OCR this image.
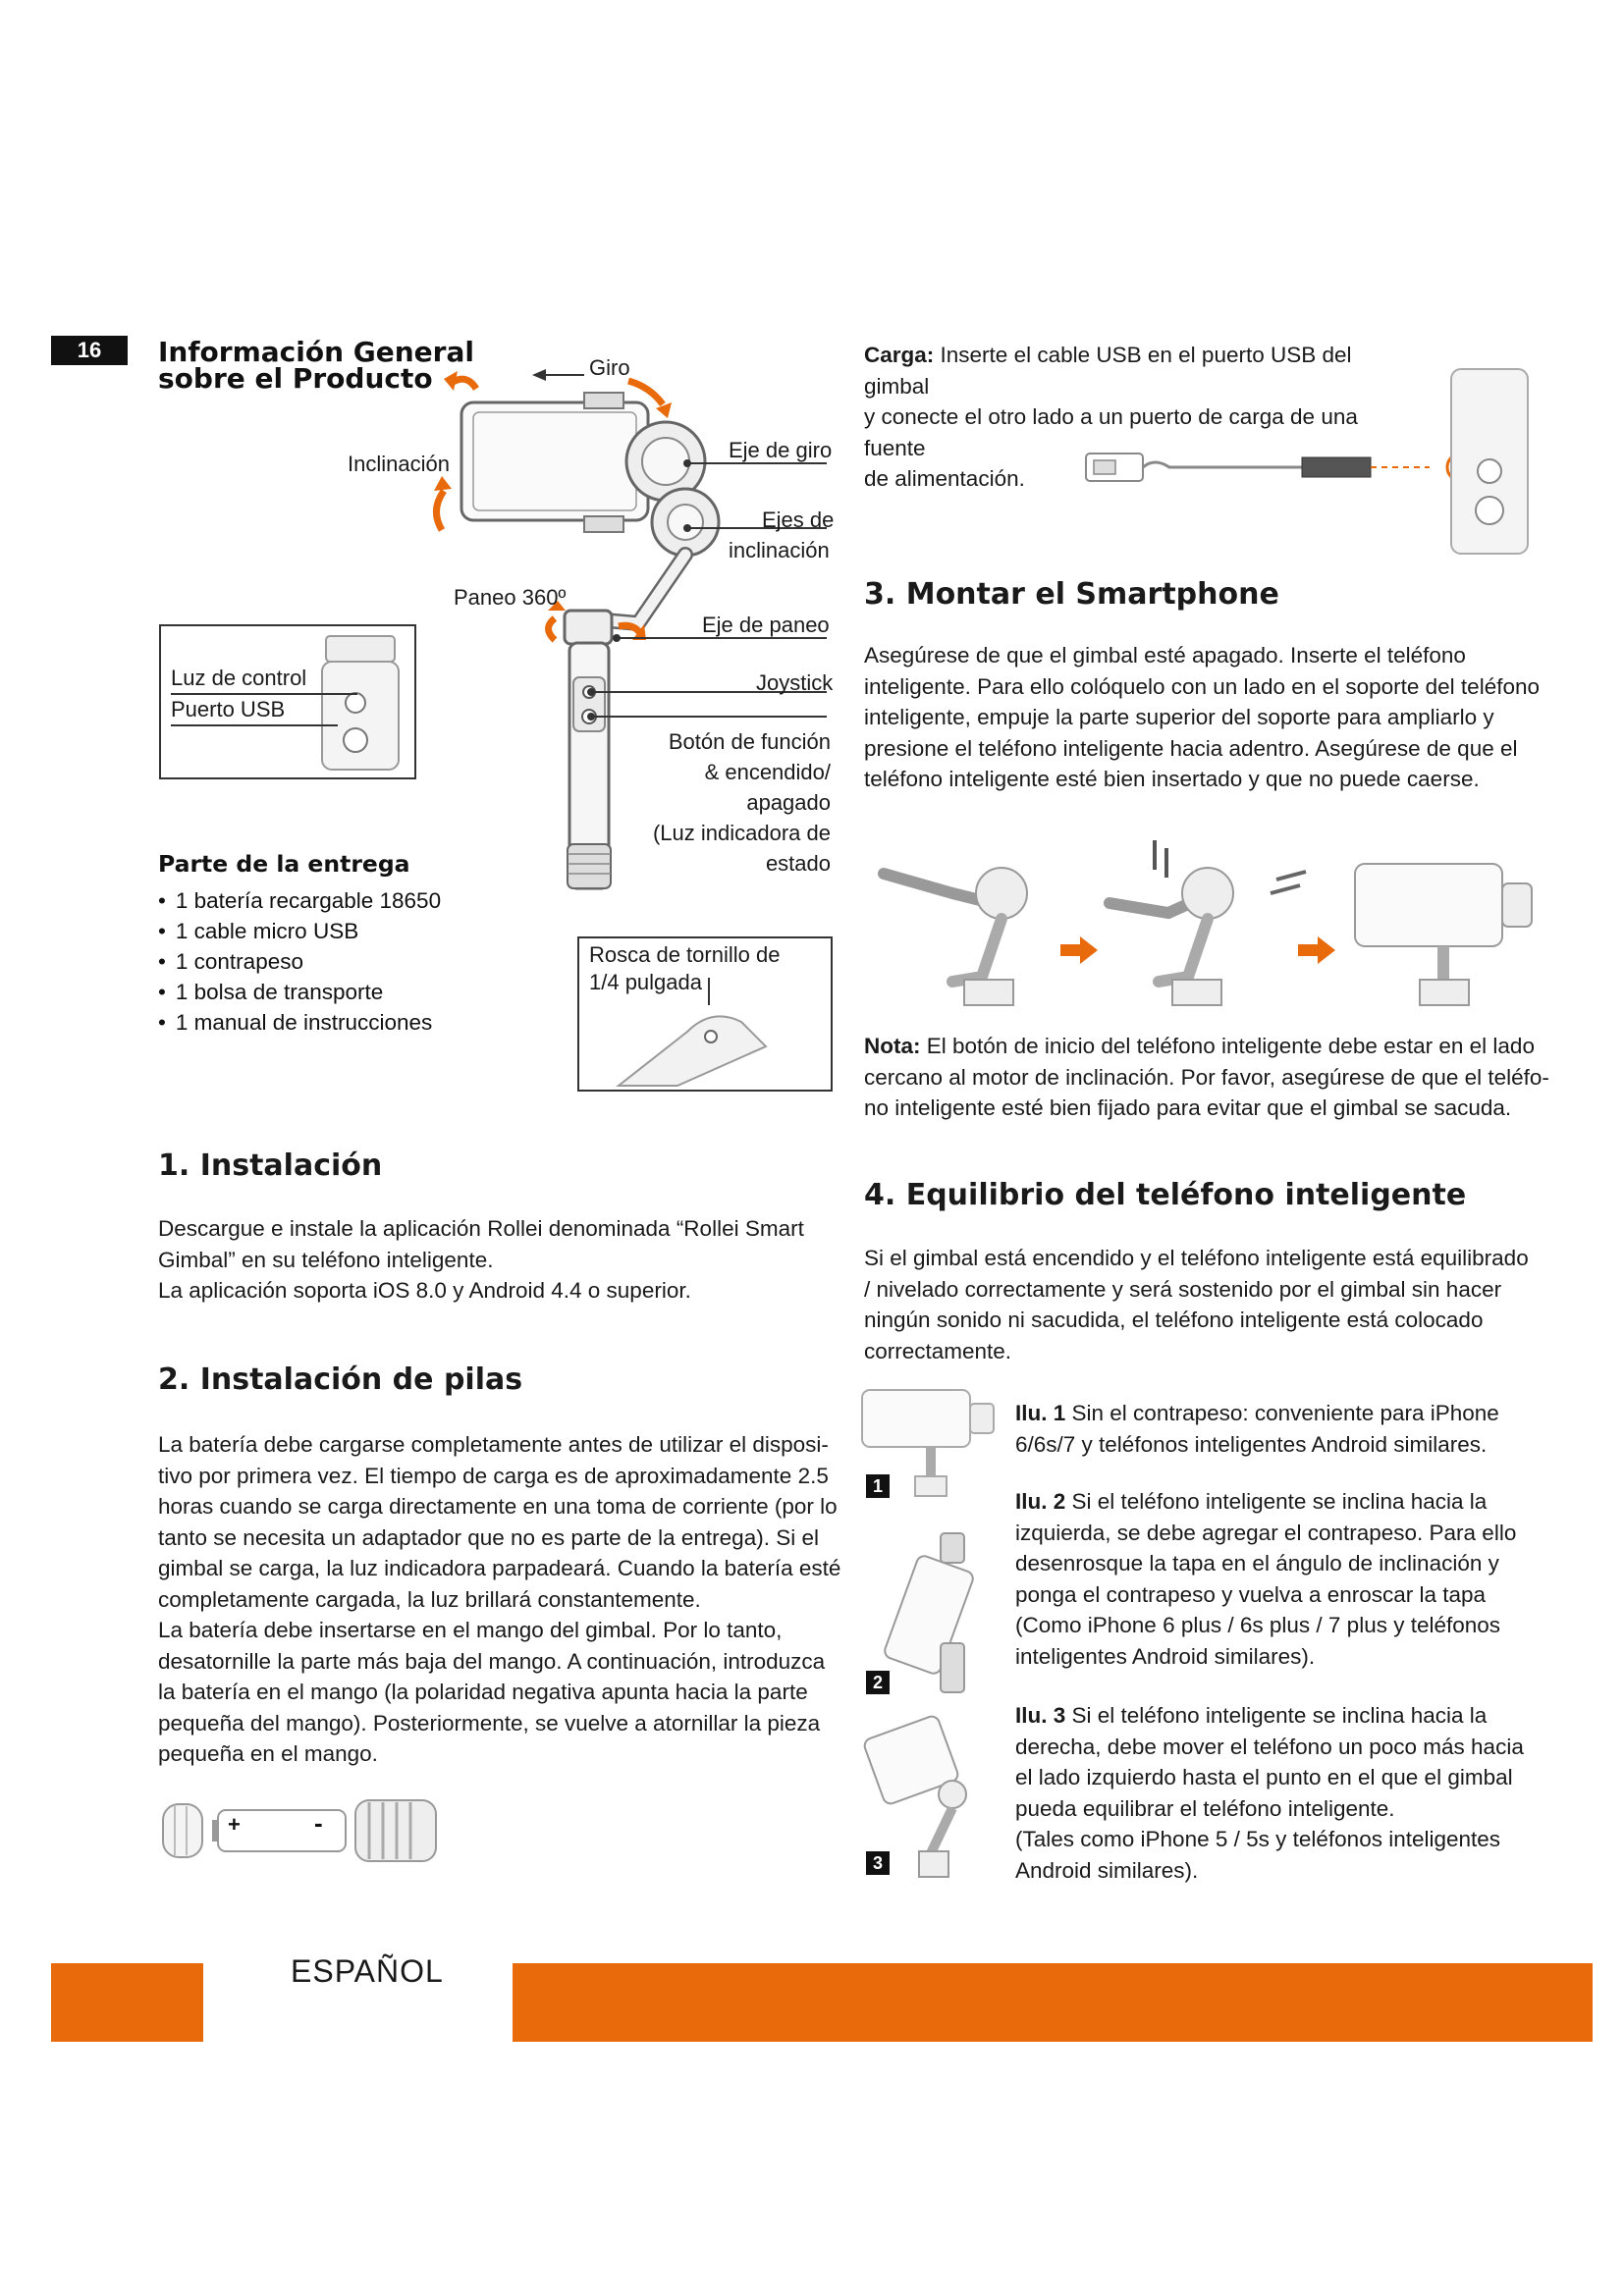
16	Información General
sobre el Producto	Giro
Inclinación
Eje de giro
Ejes de
inclinación
Paneo 360º
Eje de paneo
Joystick
Botón de función
& encendido/
apagado
(Luz indicadora de
estado
Luz de control
Puerto USB
Parte de la entrega
• 1 batería recargable 18650
• 1 cable micro USB
• 1 contrapeso
• 1 bolsa de transporte
• 1 manual de instrucciones
Rosca de tornillo de
1/4 pulgada
1. Instalación

Descargue e instale la aplicación Rollei denominada “Rollei Smart

Gimbal” en su teléfono inteligente.

La aplicación soporta iOS 8.0 y Android 4.4 o superior.

2. Instalación de pilas

La batería debe cargarse completamente antes de utilizar el disposi-

tivo por primera vez. El tiempo de carga es de aproximadamente 2.5

horas cuando se carga directamente en una toma de corriente (por lo

tanto se necesita un adaptador que no es parte de la entrega). Si el

gimbal se carga, la luz indicadora parpadeará. Cuando la batería esté

completamente cargada, la luz brillará constantemente.

La batería debe insertarse en el mango del gimbal. Por lo tanto,

desatornille la parte más baja del mango. A continuación, introduzca

la batería en el mango (la polaridad negativa apunta hacia la parte

pequeña del mango). Posteriormente, se vuelve a atornillar la pieza

pequeña en el mango.

+	-

Carga: Inserte el cable USB en el puerto USB del gimbal

y conecte el otro lado a un puerto de carga de una fuente

de alimentación.

3. Montar el Smartphone

Asegúrese de que el gimbal esté apagado. Inserte el teléfono

inteligente. Para ello colóquelo con un lado en el soporte del teléfono

inteligente, empuje la parte superior del soporte para ampliarlo y

presione el teléfono inteligente hacia adentro. Asegúrese de que el

teléfono inteligente esté bien insertado y que no puede caerse.

Nota: El botón de inicio del teléfono inteligente debe estar en el lado

cercano al motor de inclinación. Por favor, asegúrese de que el teléfo-

no inteligente esté bien fijado para evitar que el gimbal se sacuda.

4. Equilibrio del teléfono inteligente

Si el gimbal está encendido y el teléfono inteligente está equilibrado

/ nivelado correctamente y será sostenido por el gimbal sin hacer

ningún sonido ni sacudida, el teléfono inteligente está colocado

correctamente.

1

Ilu. 1 Sin el contrapeso: conveniente para iPhone

6/6s/7 y teléfonos inteligentes Android similares.

2

Ilu. 2 Si el teléfono inteligente se inclina hacia la

izquierda, se debe agregar el contrapeso. Para ello

desenrosque la tapa en el ángulo de inclinación y

ponga el contrapeso y vuelva a enroscar la tapa

(Como iPhone 6 plus / 6s plus / 7 plus y teléfonos

inteligentes Android similares).

3

Ilu. 3 Si el teléfono inteligente se inclina hacia la

derecha, debe mover el teléfono un poco más hacia

el lado izquierdo hasta el punto en el que el gimbal

pueda equilibrar el teléfono inteligente.

(Tales como iPhone 5 / 5s y teléfonos inteligentes

Android similares).

ESPAÑOL
